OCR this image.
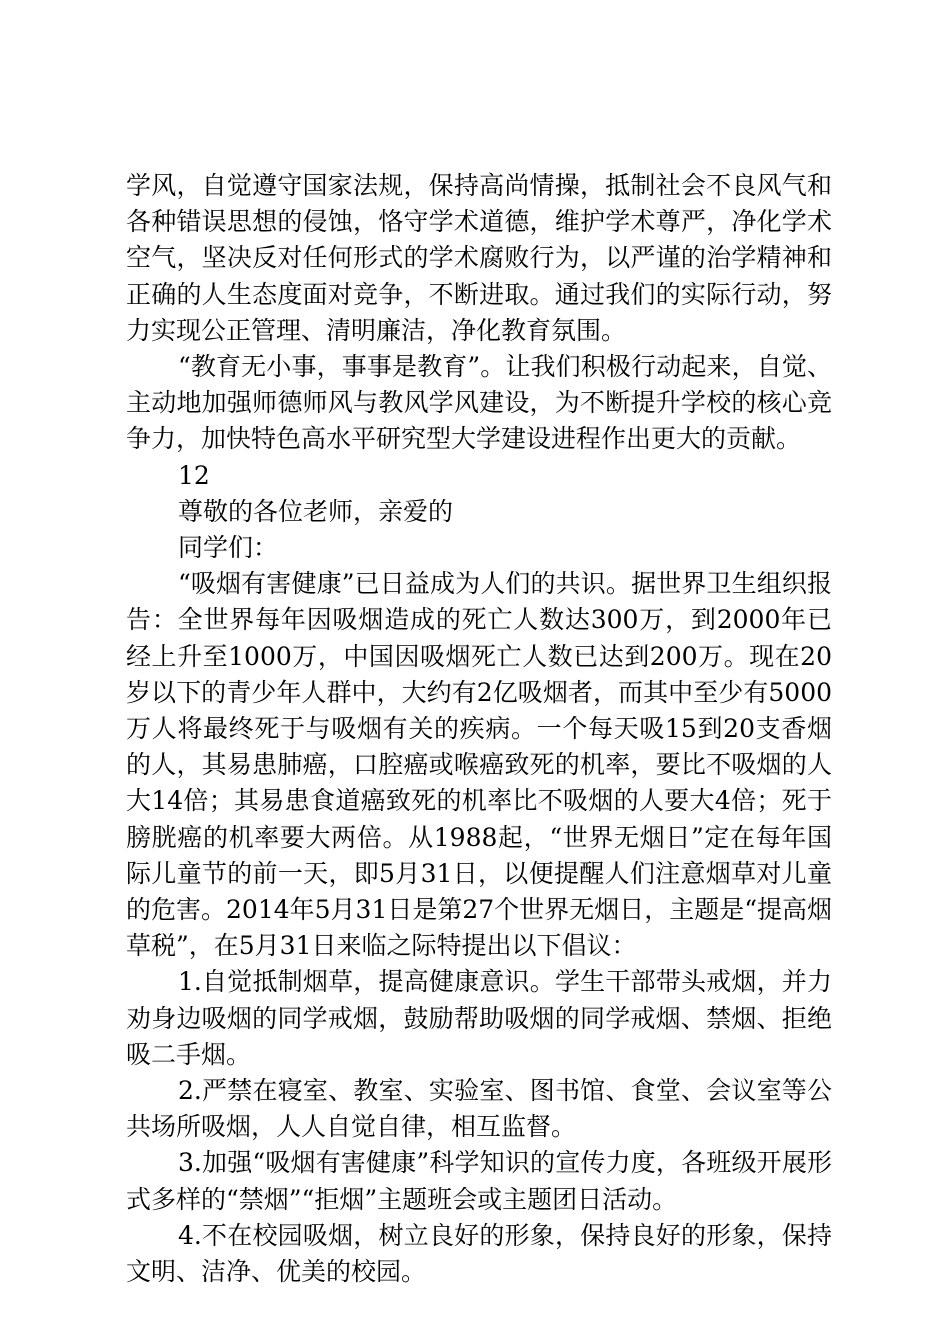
学风，自觉遵守国家法规，保持高尚情操，抵制社会不良风气和各种错误思想的侵蚀，恪守学术道德，维护学术尊严，净化学术空气，坚决反对任何形式的学术腐败行为，以严谨的治学精神和正确的人生态度面对竞争，不断进取。通过我们的实际行动，努力实现公正管理、清明廉洁，净化教育氛围。

“教育无小事，事事是教育”。让我们积极行动起来，自觉、主动地加强师德师风与教风学风建设，为不断提升学校的核心竞争力，加快特色高水平研究型大学建设进程作出更大的贡献。

12

尊敬的各位老师，亲爱的

同学们：

“吸烟有害健康”已日益成为人们的共识。据世界卫生组织报告：全世界每年因吸烟造成的死亡人数达300万，到2000年已经上升至1000万，中国因吸烟死亡人数已达到200万。现在20岁以下的青少年人群中，大约有2亿吸烟者，而其中至少有5000万人将最终死于与吸烟有关的疾病。一个每天吸15到20支香烟的人，其易患肺癌，口腔癌或喉癌致死的机率，要比不吸烟的人大14倍；其易患食道癌致死的机率比不吸烟的人要大4倍；死于膀胱癌的机率要大两倍。从1988起，“世界无烟日”定在每年国际儿童节的前一天，即5月31日，以便提醒人们注意烟草对儿童的危害。2014年5月31日是第27个世界无烟日，主题是“提高烟草税”，在5月31日来临之际特提出以下倡议：

1.自觉抵制烟草，提高健康意识。学生干部带头戒烟，并力劝身边吸烟的同学戒烟，鼓励帮助吸烟的同学戒烟、禁烟、拒绝吸二手烟。

2.严禁在寝室、教室、实验室、图书馆、食堂、会议室等公共场所吸烟，人人自觉自律，相互监督。

3.加强“吸烟有害健康”科学知识的宣传力度，各班级开展形式多样的“禁烟”“拒烟”主题班会或主题团日活动。

4.不在校园吸烟，树立良好的形象，保持良好的形象，保持文明、洁净、优美的校园。
